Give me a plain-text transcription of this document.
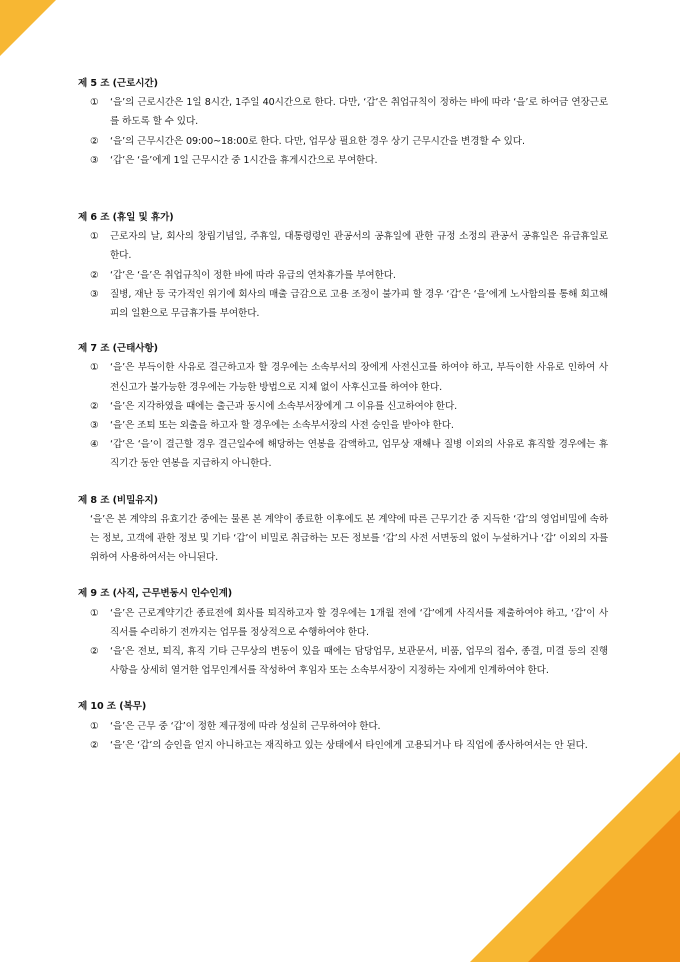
제 5 조 (근로시간)
①	‘을’의 근로시간은 1일 8시간, 1주일 40시간으로 한다. 다만, ‘갑’은 취업규칙이 정하는 바에 따라 ‘을’로 하여금 연장근로를 하도록 할 수 있다.
②	‘을’의 근무시간은 09:00~18:00로 한다. 다만, 업무상 필요한 경우 상기 근무시간을 변경할 수 있다.
③	‘갑’은 ‘을’에게 1일 근무시간 중 1시간을 휴게시간으로 부여한다.
제 6 조 (휴일 및 휴가)
①	근로자의 날, 회사의 창립기념일, 주휴일, 대통령령인 관공서의 공휴일에 관한 규정 소정의 관공서 공휴일은 유급휴일로 한다.
②	‘갑’은 ‘을’은 취업규칙이 정한 바에 따라 유급의 연차휴가를 부여한다.
③	질병, 재난 등 국가적인 위기에 회사의 매출 급감으로 고용 조정이 불가피 할 경우 ‘갑’은 ‘을’에게 노사합의를 통해 회고해피의 일환으로 무급휴가를 부여한다.
제 7 조 (근태사항)
①	‘을’은 부득이한 사유로 결근하고자 할 경우에는 소속부서의 장에게 사전신고를 하여야 하고, 부득이한 사유로 인하여 사전신고가 불가능한 경우에는 가능한 방법으로 지체 없이 사후신고를 하여야 한다.
②	‘을’은 지각하였을 때에는 출근과 동시에 소속부서장에게 그 이유를 신고하여야 한다.
③	‘을’은 조퇴 또는 외출을 하고자 할 경우에는 소속부서장의 사전 승인을 받아야 한다.
④	‘갑’은 ‘을’이 결근할 경우 결근일수에 해당하는 연봉을 감액하고, 업무상 재해나 질병 이외의 사유로 휴직할 경우에는 휴직기간 동안 연봉을 지급하지 아니한다.
제 8 조 (비밀유지)
‘을’은 본 계약의 유효기간 중에는 물론 본 계약이 종료한 이후에도 본 계약에 따른 근무기간 중 지득한 ‘갑’의 영업비밀에 속하는 정보, 고객에 관한 정보 및 기타 ‘갑’이 비밀로 취급하는 모든 정보를 ‘갑’의 사전 서면동의 없이 누설하거나 ‘갑’ 이외의 자를 위하여 사용하여서는 아니된다.
제 9 조 (사직, 근무변동시 인수인계)
①	‘을’은 근로계약기간 종료전에 회사를 퇴직하고자 할 경우에는 1개월 전에 ‘갑’에게 사직서를 제출하여야 하고, ‘갑’이 사직서를 수리하기 전까지는 업무를 정상적으로 수행하여야 한다.
②	‘을’은 전보, 퇴직, 휴직 기타 근무상의 변동이 있을 때에는 담당업무, 보관문서, 비품, 업무의 접수, 종결, 미결 등의 진행사항을 상세히 열거한 업무인계서를 작성하여 후임자 또는 소속부서장이 지정하는 자에게 인계하여야 한다.
제 10 조 (복무)
①	‘을’은 근무 중 ‘갑’이 정한 제규정에 따라 성실히 근무하여야 한다.
②	‘을’은 ‘갑’의 승인을 얻지 아니하고는 재직하고 있는 상태에서 타인에게 고용되거나 타 직업에 종사하여서는 안 된다.
